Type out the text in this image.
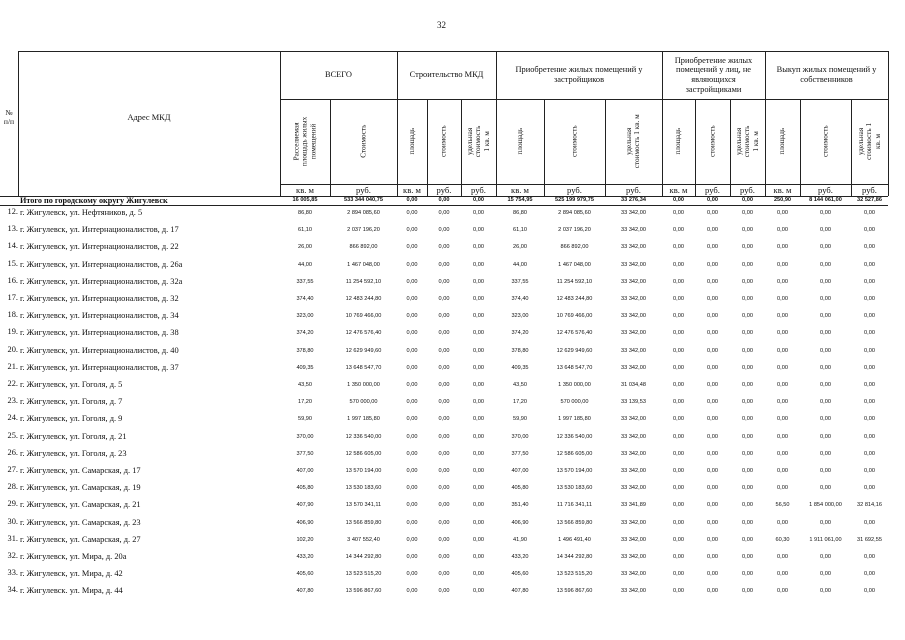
32
№
п/п	Адрес МКД
ВСЕГО	Строительство МКД
Приобретение жилых помещений у застройщиков
Приобретение жилых помещений у лиц, не являющихся застройщиками
Выкуп жилых помещений у собственников
Расселяемая площадь жилых помещений	Стоимость	площадь	стоимость	удельная стоимость 1 кв. м	площадь	стоимость	удельная стоимость 1 кв. м	площадь	стоимость	удельная стоимость 1 кв. м	площадь	стоимость	удельная стоимость 1 кв. м
кв. м	руб.	кв. м	руб.	руб.	кв. м	руб.	руб.	кв. м	руб.	руб.	кв. м	руб.	руб.
Итого по городскому округу Жигулевск	16 005,85	533 344 040,75	0,00	0,00	0,00	15 754,95	525 199 979,75	33 276,34	0,00	0,00	0,00	250,90	8 144 061,00	32 527,86
12. г. Жигулевск, ул. Нефтяников, д. 5	86,80	2 894 085,60	0,00	0,00	0,00	86,80	2 894 085,60	33 342,00	0,00	0,00	0,00	0,00	0,00	0,00
13. г. Жигулевск, ул. Интернационалистов, д. 17	61,10	2 037 196,20	0,00	0,00	0,00	61,10	2 037 196,20	33 342,00	0,00	0,00	0,00	0,00	0,00	0,00
14. г. Жигулевск, ул. Интернационалистов, д. 22	26,00	866 892,00	0,00	0,00	0,00	26,00	866 892,00	33 342,00	0,00	0,00	0,00	0,00	0,00	0,00
15. г. Жигулевск, ул. Интернационалистов, д. 26а	44,00	1 467 048,00	0,00	0,00	0,00	44,00	1 467 048,00	33 342,00	0,00	0,00	0,00	0,00	0,00	0,00
16. г. Жигулевск, ул. Интернационалистов, д. 32а	337,55	11 254 592,10	0,00	0,00	0,00	337,55	11 254 592,10	33 342,00	0,00	0,00	0,00	0,00	0,00	0,00
17. г. Жигулевск, ул. Интернационалистов, д. 32	374,40	12 483 244,80	0,00	0,00	0,00	374,40	12 483 244,80	33 342,00	0,00	0,00	0,00	0,00	0,00	0,00
18. г. Жигулевск, ул. Интернационалистов, д. 34	323,00	10 769 466,00	0,00	0,00	0,00	323,00	10 769 466,00	33 342,00	0,00	0,00	0,00	0,00	0,00	0,00
19. г. Жигулевск, ул. Интернационалистов, д. 38	374,20	12 476 576,40	0,00	0,00	0,00	374,20	12 476 576,40	33 342,00	0,00	0,00	0,00	0,00	0,00	0,00
20. г. Жигулевск, ул. Интернационалистов, д. 40	378,80	12 629 949,60	0,00	0,00	0,00	378,80	12 629 949,60	33 342,00	0,00	0,00	0,00	0,00	0,00	0,00
21. г. Жигулевск, ул. Интернационалистов, д. 37	409,35	13 648 547,70	0,00	0,00	0,00	409,35	13 648 547,70	33 342,00	0,00	0,00	0,00	0,00	0,00	0,00
22. г. Жигулевск, ул. Гоголя, д. 5	43,50	1 350 000,00	0,00	0,00	0,00	43,50	1 350 000,00	31 034,48	0,00	0,00	0,00	0,00	0,00	0,00
23. г. Жигулевск, ул. Гоголя, д. 7	17,20	570 000,00	0,00	0,00	0,00	17,20	570 000,00	33 139,53	0,00	0,00	0,00	0,00	0,00	0,00
24. г. Жигулевск, ул. Гоголя, д. 9	59,90	1 997 185,80	0,00	0,00	0,00	59,90	1 997 185,80	33 342,00	0,00	0,00	0,00	0,00	0,00	0,00
25. г. Жигулевск, ул. Гоголя, д. 21	370,00	12 336 540,00	0,00	0,00	0,00	370,00	12 336 540,00	33 342,00	0,00	0,00	0,00	0,00	0,00	0,00
26. г. Жигулевск, ул. Гоголя, д. 23	377,50	12 586 605,00	0,00	0,00	0,00	377,50	12 586 605,00	33 342,00	0,00	0,00	0,00	0,00	0,00	0,00
27. г. Жигулевск, ул. Самарская, д. 17	407,00	13 570 194,00	0,00	0,00	0,00	407,00	13 570 194,00	33 342,00	0,00	0,00	0,00	0,00	0,00	0,00
28. г. Жигулевск, ул. Самарская, д. 19	405,80	13 530 183,60	0,00	0,00	0,00	405,80	13 530 183,60	33 342,00	0,00	0,00	0,00	0,00	0,00	0,00
29. г. Жигулевск, ул. Самарская, д. 21	407,90	13 570 341,11	0,00	0,00	0,00	351,40	11 716 341,11	33 341,89	0,00	0,00	0,00	56,50	1 854 000,00	32 814,16
30. г. Жигулевск, ул. Самарская, д. 23	406,90	13 566 859,80	0,00	0,00	0,00	406,90	13 566 859,80	33 342,00	0,00	0,00	0,00	0,00	0,00	0,00
31. г. Жигулевск, ул. Самарская, д. 27	102,20	3 407 552,40	0,00	0,00	0,00	41,90	1 496 491,40	33 342,00	0,00	0,00	0,00	60,30	1 911 061,00	31 692,55
32. г. Жигулевск, ул. Мира, д. 20а	433,20	14 344 292,80	0,00	0,00	0,00	433,20	14 344 292,80	33 342,00	0,00	0,00	0,00	0,00	0,00	0,00
33. г. Жигулевск, ул. Мира, д. 42	405,60	13 523 515,20	0,00	0,00	0,00	405,60	13 523 515,20	33 342,00	0,00	0,00	0,00	0,00	0,00	0,00
34. г. Жигулевск. ул. Мира, д. 44	407,80	13 596 867,60	0,00	0,00	0,00	407,80	13 596 867,60	33 342,00	0,00	0,00	0,00	0,00	0,00	0,00
